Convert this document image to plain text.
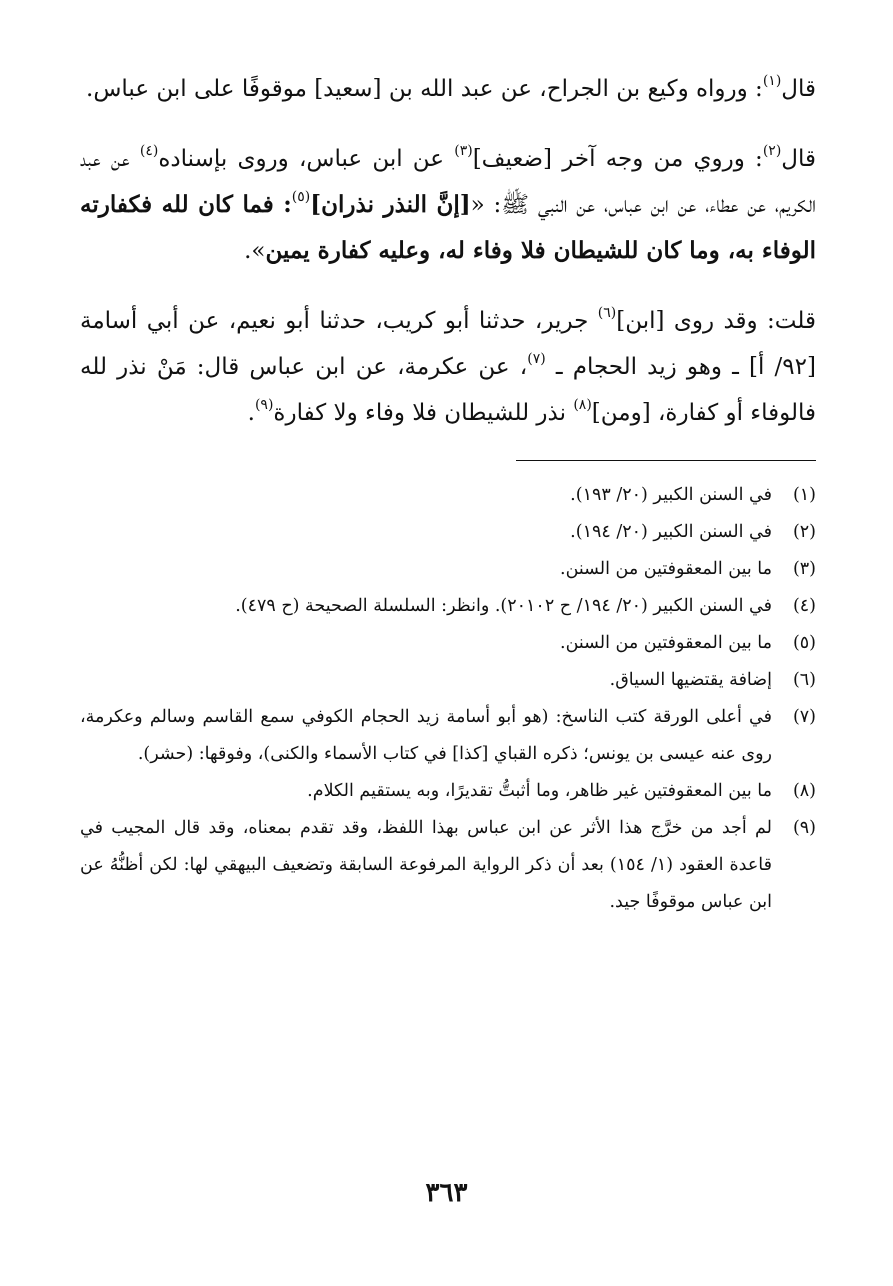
قال$^{(١)}$: ورواه وكيع بن الجراح، عن عبد الله بن [سعيد] موقوفًا على ابن عباس.

قال$^{(٢)}$: وروي من وجه آخر [ضعيف]$^{(٣)}$ عن ابن عباس، وروى بإسناده$^{(٤)}$ عن عبد الكريم، عن عطاء، عن ابن عباس، عن النبي ﷺ: «[إنَّ النذر نذران]$^{(٥)}$: فما كان لله فكفارته الوفاء به، وما كان للشيطان فلا وفاء له، وعليه كفارة يمين».

قلت: وقد روى [ابن]$^{(٦)}$ جرير، حدثنا أبو كريب، حدثنا أبو نعيم، عن أبي أسامة [٩٢/ أ] ـ وهو زيد الحجام ـ $^{(٧)}$، عن عكرمة، عن ابن عباس قال: مَنْ نذر لله فالوفاء أو كفارة، [ومن]$^{(٨)}$ نذر للشيطان فلا وفاء ولا كفارة$^{(٩)}$.

(١)
في السنن الكبير (٢٠/ ١٩٣).
(٢)
في السنن الكبير (٢٠/ ١٩٤).
(٣)
ما بين المعقوفتين من السنن.
(٤)
في السنن الكبير (٢٠/ ١٩٤/ ح ٢٠١٠٢). وانظر: السلسلة الصحيحة (ح ٤٧٩).
(٥)
ما بين المعقوفتين من السنن.
(٦)
إضافة يقتضيها السياق.
(٧)
في أعلى الورقة كتب الناسخ: (هو أبو أسامة زيد الحجام الكوفي سمع القاسم وسالم وعكرمة، روى عنه عيسى بن يونس؛ ذكره القباي [كذا] في كتاب الأسماء والكنى)، وفوقها: (حشر).
(٨)
ما بين المعقوفتين غير ظاهر، وما أثبتُّ تقديرًا، وبه يستقيم الكلام.
(٩)
لم أجد من خرَّج هذا الأثر عن ابن عباس بهذا اللفظ، وقد تقدم بمعناه، وقد قال المجيب في قاعدة العقود (١/ ١٥٤) بعد أن ذكر الرواية المرفوعة السابقة وتضعيف البيهقي لها: لكن أظنُّهُ عن ابن عباس موقوفًا جيد.
٣٦٣
